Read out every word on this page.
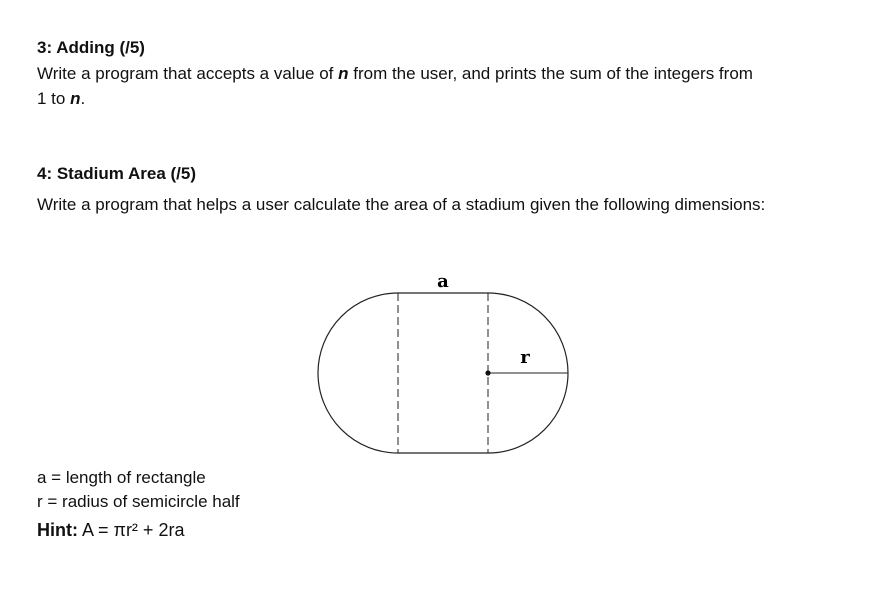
3: Adding (/5)

Write a program that accepts a value of n from the user, and prints the sum of the integers from
1 to n.

4: Stadium Area (/5)

Write a program that helps a user calculate the area of a stadium given the following dimensions:

a
r

a = length of rectangle

r = radius of semicircle half

Hint: A = πr² + 2ra
